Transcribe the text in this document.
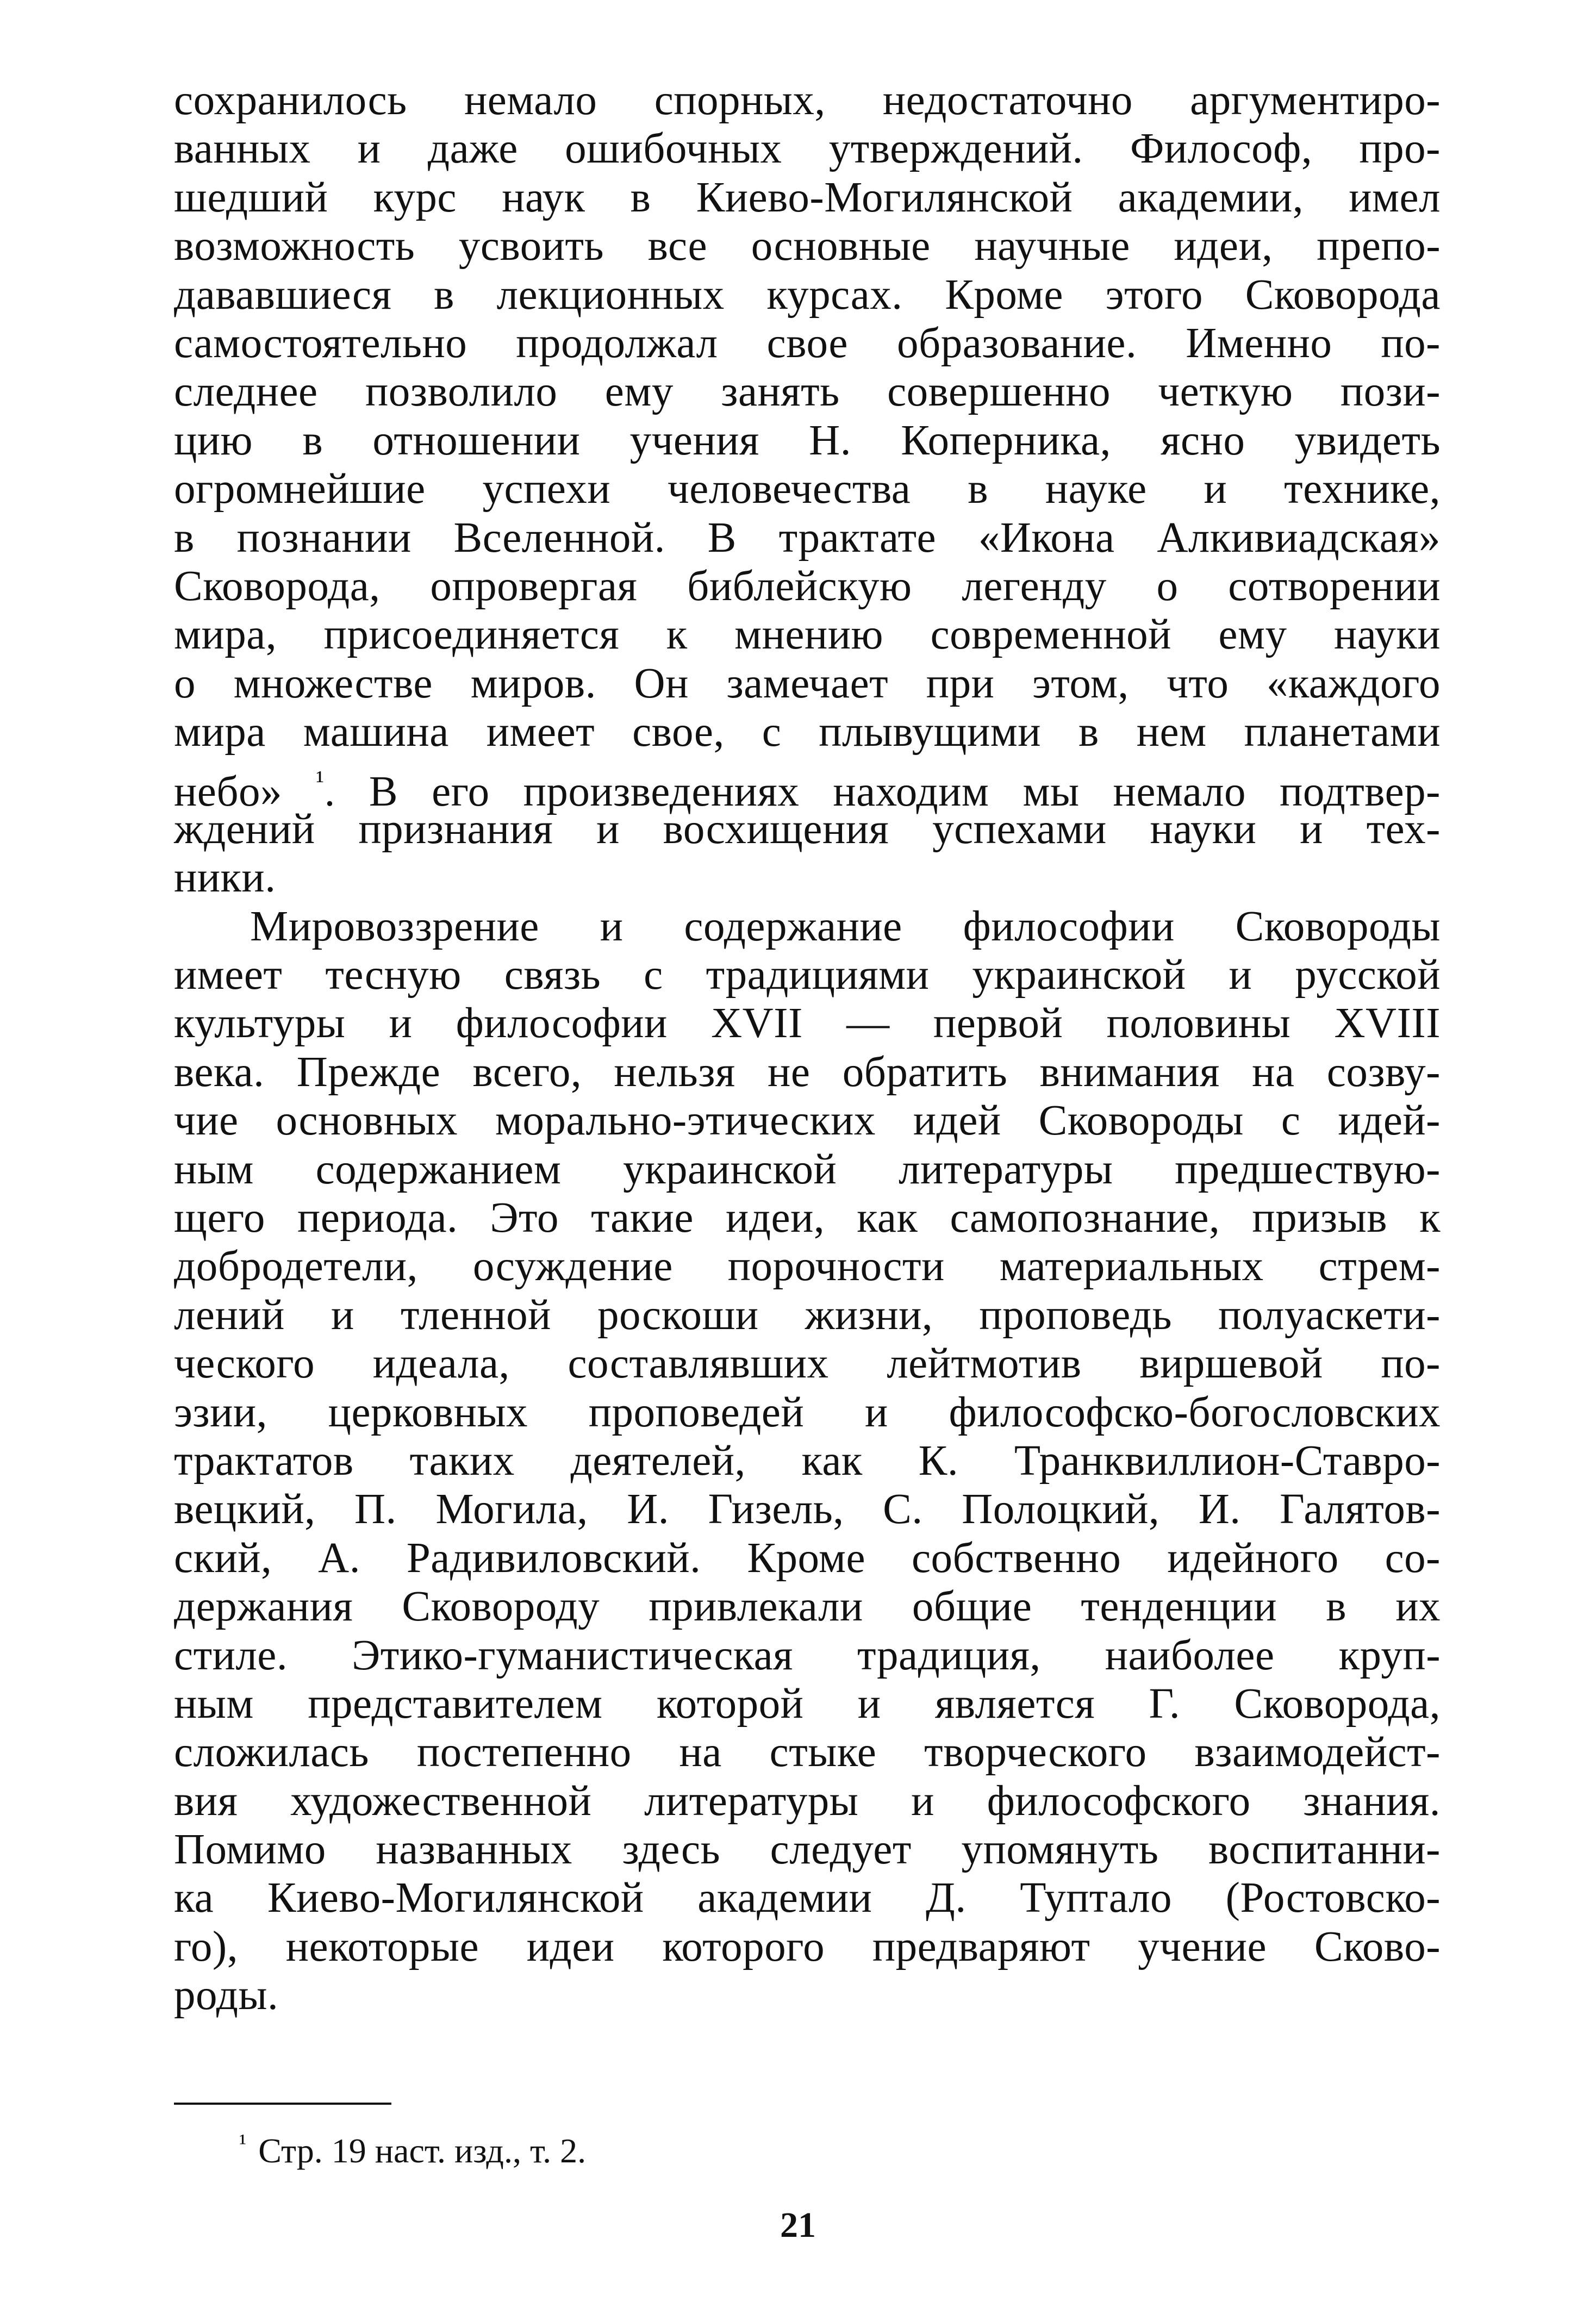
сохранилось немало спорных, недостаточно аргументиро-
ванных и даже ошибочных утверждений. Философ, про-
шедший курс наук в Киево-Могилянской академии, имел
возможность усвоить все основные научные идеи, препо-
дававшиеся в лекционных курсах. Кроме этого Сковорода
самостоятельно продолжал свое образование. Именно по-
следнее позволило ему занять совершенно четкую пози-
цию в отношении учения Н. Коперника, ясно увидеть
огромнейшие успехи человечества в науке и технике,
в познании Вселенной. В трактате «Икона Алкивиадская»
Сковорода, опровергая библейскую легенду о сотворении
мира, присоединяется к мнению современной ему науки
о множестве миров. Он замечает при этом, что «каждого
мира машина имеет свое, с плывущими в нем планетами
небо» $^{^1}$. В его произведениях находим мы немало подтвер-
ждений признания и восхищения успехами науки и тех-
ники.
Мировоззрение и содержание философии Сковороды
имеет тесную связь с традициями украинской и русской
культуры и философии XVII — первой половины XVIII
века. Прежде всего, нельзя не обратить внимания на созву-
чие основных морально-этических идей Сковороды с идей-
ным содержанием украинской литературы предшествую-
щего периода. Это такие идеи, как самопознание, призыв к
добродетели, осуждение порочности материальных стрем-
лений и тленной роскоши жизни, проповедь полуаскети-
ческого идеала, составлявших лейтмотив виршевой по-
эзии, церковных проповедей и философско-богословских
трактатов таких деятелей, как К. Транквиллион-Ставро-
вецкий, П. Могила, И. Гизель, С. Полоцкий, И. Галятов-
ский, А. Радивиловский. Кроме собственно идейного со-
держания Сковороду привлекали общие тенденции в их
стиле. Этико-гуманистическая традиция, наиболее круп-
ным представителем которой и является Г. Сковорода,
сложилась постепенно на стыке творческого взаимодейст-
вия художественной литературы и философского знания.
Помимо названных здесь следует упомянуть воспитанни-
ка Киево-Могилянской академии Д. Туптало (Ростовско-
го), некоторые идеи которого предваряют учение Сково-
роды.
$^{^1}$ Стр. 19 наст. изд., т. 2.
21
